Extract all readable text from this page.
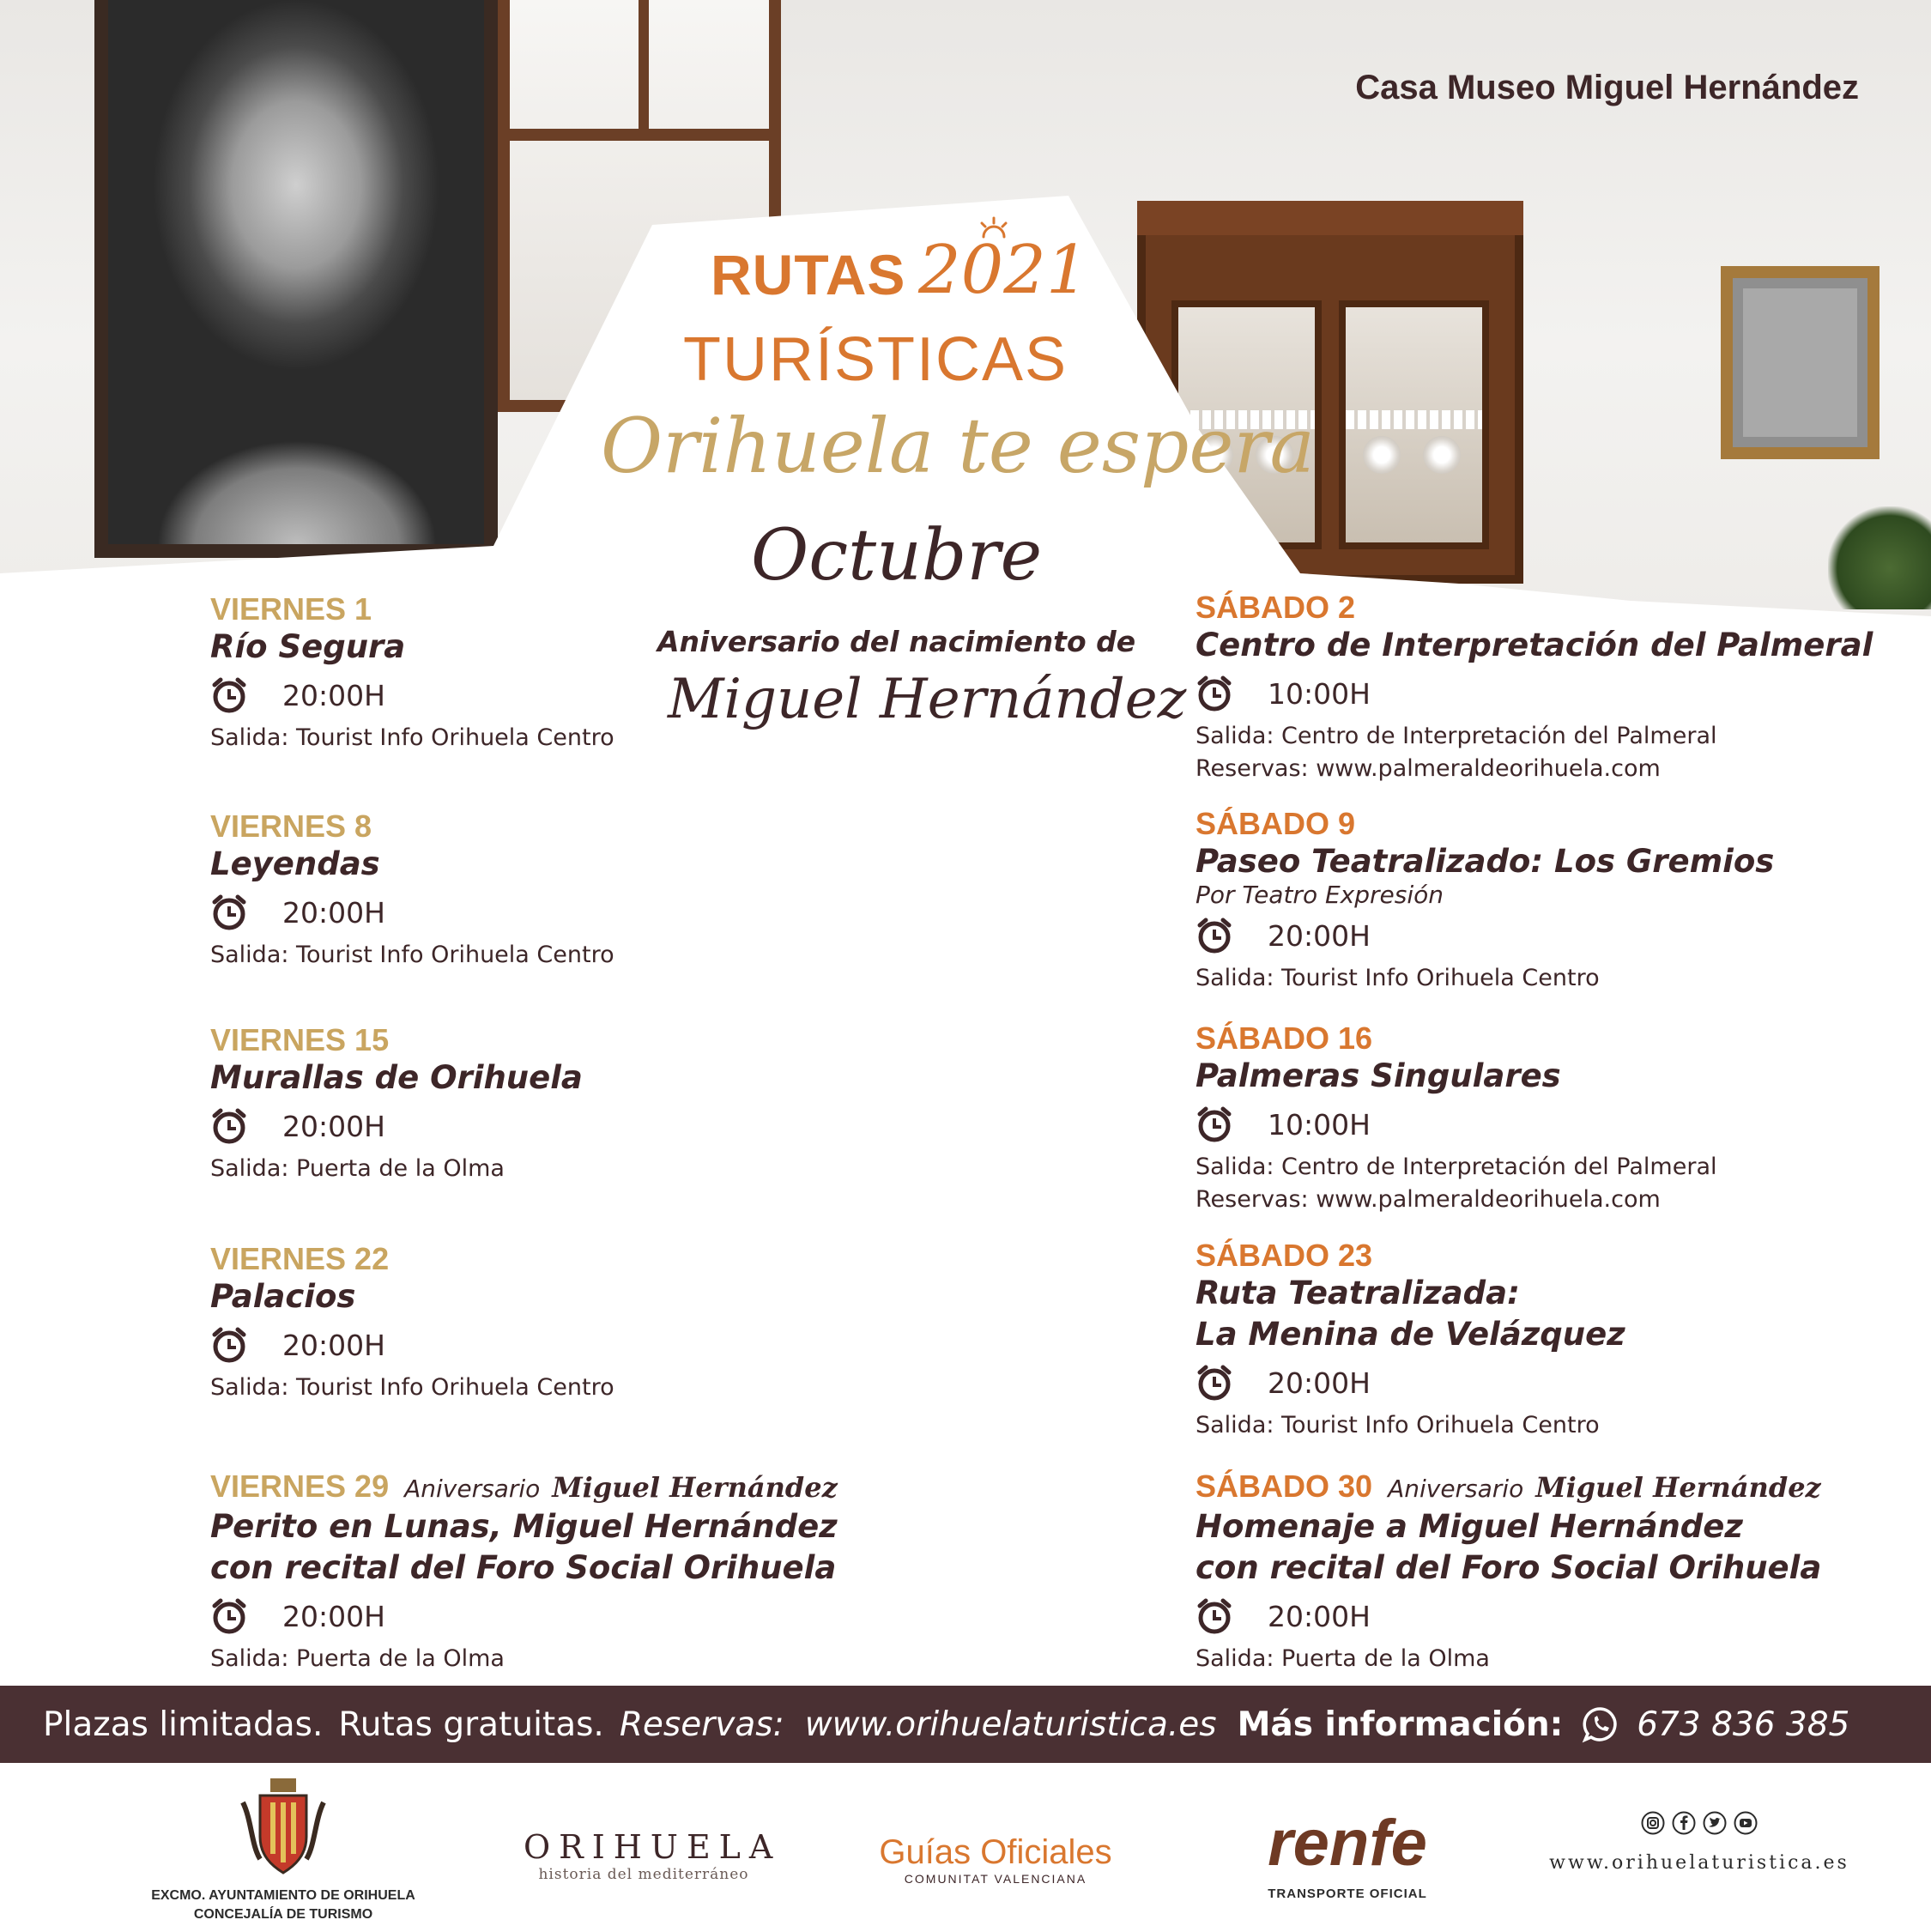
Casa Museo Miguel Hernández
RUTAS 2021
TURÍSTICAS
Orihuela te espera
Octubre
Aniversario del nacimiento de
Miguel Hernández
VIERNES 1
Río Segura
20:00H
Salida: Tourist Info Orihuela Centro
VIERNES 8
Leyendas
20:00H
Salida: Tourist Info Orihuela Centro
VIERNES 15
Murallas de Orihuela
20:00H
Salida: Puerta de la Olma
VIERNES 22
Palacios
20:00H
Salida: Tourist Info Orihuela Centro
VIERNES 29 Aniversario Miguel Hernández
Perito en Lunas, Miguel Hernández
con recital del Foro Social Orihuela
20:00H
Salida: Puerta de la Olma
SÁBADO 2
Centro de Interpretación del Palmeral
10:00H
Salida: Centro de Interpretación del Palmeral
Reservas: www.palmeraldeorihuela.com
SÁBADO 9
Paseo Teatralizado: Los Gremios
Por Teatro Expresión
20:00H
Salida: Tourist Info Orihuela Centro
SÁBADO 16
Palmeras Singulares
10:00H
Salida: Centro de Interpretación del Palmeral
Reservas: www.palmeraldeorihuela.com
SÁBADO 23
Ruta Teatralizada:
La Menina de Velázquez
20:00H
Salida: Tourist Info Orihuela Centro
SÁBADO 30 Aniversario Miguel Hernández
Homenaje a Miguel Hernández
con recital del Foro Social Orihuela
20:00H
Salida: Puerta de la Olma
Plazas limitadas. Rutas gratuitas. Reservas: www.orihuelaturistica.es Más información: 673 836 385
EXCMO. AYUNTAMIENTO DE ORIHUELA
CONCEJALÍA DE TURISMO
ORIHUELA
historia del mediterráneo
Guías Oficiales
COMUNITAT VALENCIANA	renfe
TRANSPORTE OFICIAL
www.orihuelaturistica.es
